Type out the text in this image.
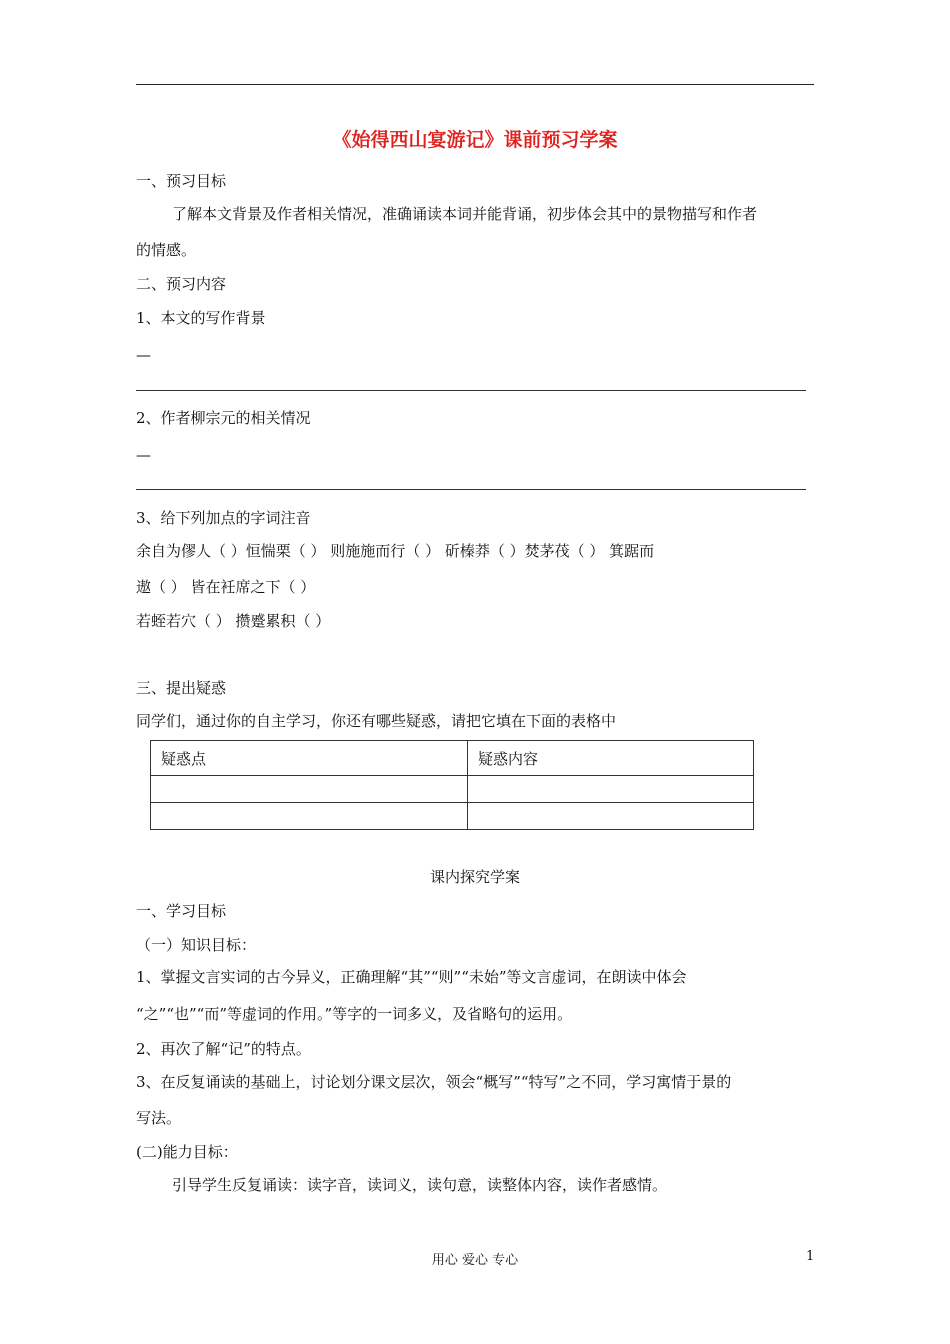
《始得西山宴游记》课前预习学案
一、预习目标
了解本文背景及作者相关情况，准确诵读本词并能背诵，初步体会其中的景物描写和作者
的情感。
二、预习内容
1、本文的写作背景
—
2、作者柳宗元的相关情况
—
3、给下列加点的字词注音
余自为僇人（ ）恒惴栗（ ） 则施施而行（ ） 斫榛莽（ ）焚茅茷（ ） 箕踞而
遨（ ） 皆在衽席之下（ ）
若蛭若穴（ ） 攒蹙累积（ ）
三、提出疑惑
同学们，通过你的自主学习，你还有哪些疑惑，请把它填在下面的表格中
疑惑点	疑惑内容

课内探究学案
一、学习目标
（一）知识目标：
1、掌握文言实词的古今异义，正确理解“其”“则”“未始”等文言虚词，在朗读中体会
“之”“也”“而”等虚词的作用。”等字的一词多义，及省略句的运用。
2、再次了解“记”的特点。
3、在反复诵读的基础上，讨论划分课文层次，领会“概写”“特写”之不同，学习寓情于景的
写法。
(二)能力目标：
引导学生反复诵读：读字音，读词义，读句意，读整体内容，读作者感情。
用心 爱心 专心	1
